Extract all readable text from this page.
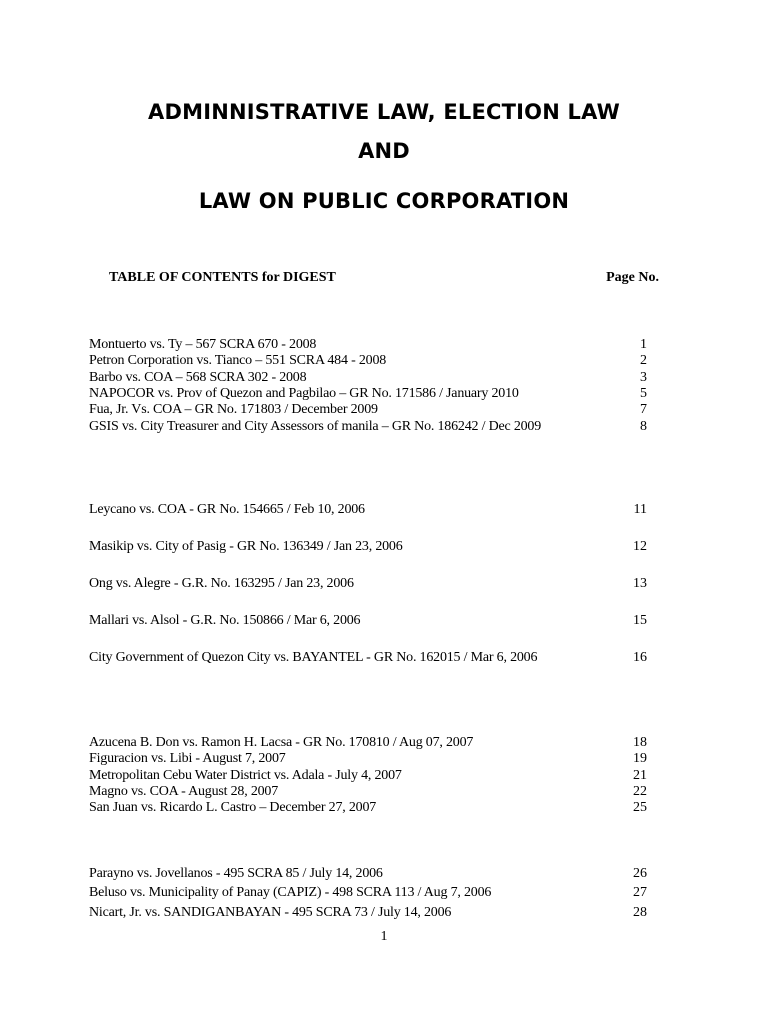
ADMINNISTRATIVE LAW, ELECTION LAW
AND
LAW ON PUBLIC CORPORATION
TABLE OF CONTENTS for DIGEST	Page No.
Montuerto vs. Ty – 567 SCRA 670 - 2008	1
Petron Corporation vs. Tianco – 551 SCRA 484 - 2008	2
Barbo vs. COA – 568 SCRA 302 - 2008	3
NAPOCOR vs. Prov of Quezon and Pagbilao – GR No. 171586 / January 2010	5
Fua, Jr. Vs. COA – GR No. 171803 / December 2009	7
GSIS vs. City Treasurer and City Assessors of manila – GR No. 186242 / Dec 2009	8
Leycano vs. COA - GR No. 154665 / Feb 10, 2006	11
Masikip vs. City of Pasig - GR No. 136349 / Jan 23, 2006	12
Ong vs. Alegre - G.R. No. 163295 / Jan 23, 2006	13
Mallari vs. Alsol - G.R. No. 150866 / Mar 6, 2006	15
City Government of Quezon City vs. BAYANTEL - GR No. 162015 / Mar 6, 2006	16
Azucena B. Don vs. Ramon H. Lacsa - GR No. 170810 / Aug 07, 2007	18
Figuracion vs. Libi - August 7, 2007	19
Metropolitan Cebu Water District vs. Adala - July 4, 2007	21
Magno vs. COA - August 28, 2007	22
San Juan vs. Ricardo L. Castro – December 27, 2007	25
Parayno vs. Jovellanos - 495 SCRA 85 / July 14, 2006	26
Beluso vs. Municipality of Panay (CAPIZ) - 498 SCRA 113 / Aug 7, 2006	27
Nicart, Jr. vs. SANDIGANBAYAN - 495 SCRA 73 / July 14, 2006	28
1
